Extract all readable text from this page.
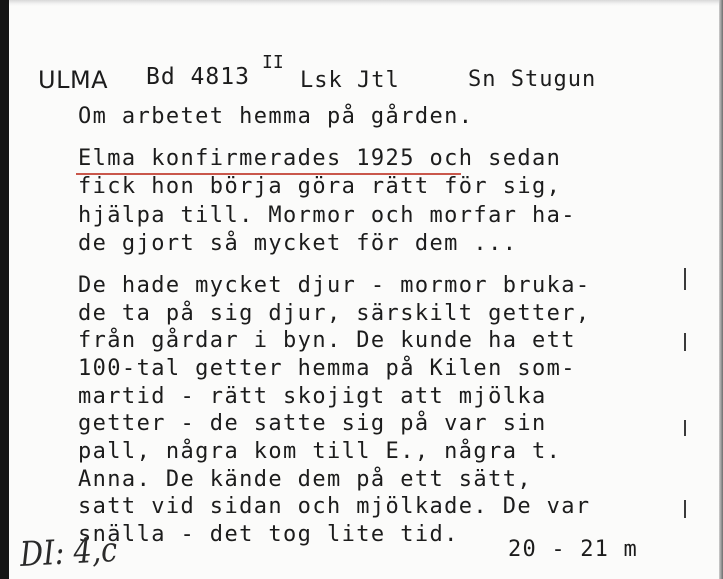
ULMA Bd 4813
II
Lsk Jtl	Sn Stugun
Om arbetet hemma på gården.
Elma konfirmerades 1925 och sedan
fick hon börja göra rätt för sig,
hjälpa till. Mormor och morfar ha-
de gjort så mycket för dem ...
De hade mycket djur - mormor bruka-
de ta på sig djur, särskilt getter,
från gårdar i byn. De kunde ha ett
100-tal getter hemma på Kilen som-
martid - rätt skojigt att mjölka
getter - de satte sig på var sin
pall, några kom till E., några t.
Anna. De kände dem på ett sätt,
satt vid sidan och mjölkade. De var
snälla - det tog lite tid.
20 - 21 m
DI: 4,c
